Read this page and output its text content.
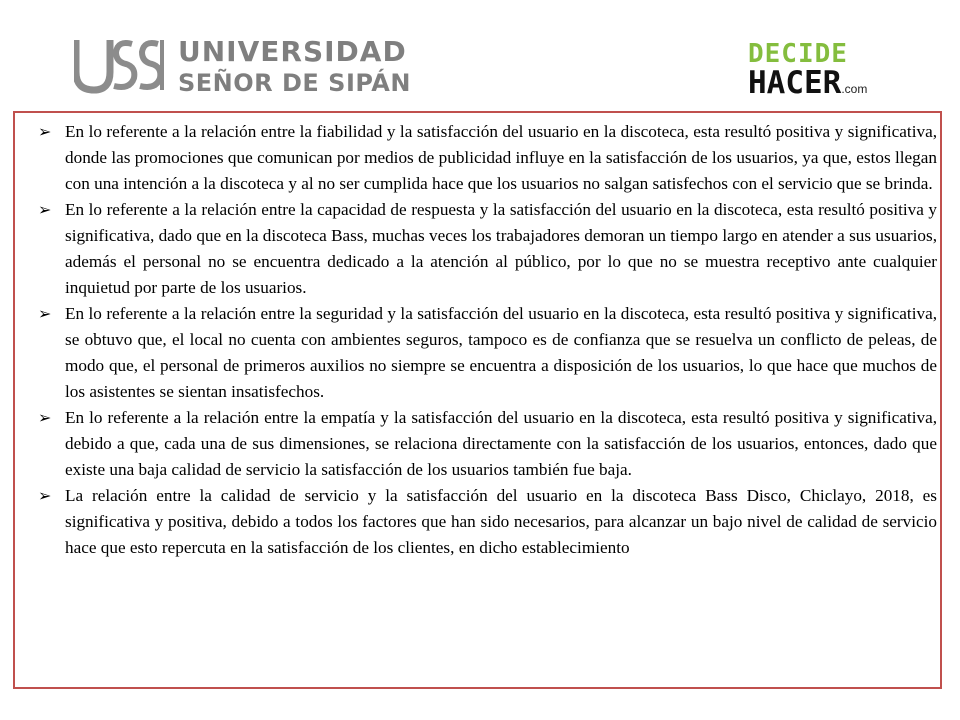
UNIVERSIDAD
SEÑOR DE SIPÁN
DECIDE
HACER.com
➢ En lo referente a la relación entre la fiabilidad y la satisfacción del usuario en la discoteca, esta resultó positiva y significativa, donde las promociones que comunican por medios de publicidad influye en la satisfacción de los usuarios, ya que, estos llegan con una intención a la discoteca y al no ser cumplida hace que los usuarios no salgan satisfechos con el servicio que se brinda.

➢ En lo referente a la relación entre la capacidad de respuesta y la satisfacción del usuario en la discoteca, esta resultó positiva y significativa, dado que en la discoteca Bass, muchas veces los trabajadores demoran un tiempo largo en atender a sus usuarios, además el personal no se encuentra dedicado a la atención al público, por lo que no se muestra receptivo ante cualquier inquietud por parte de los usuarios.

➢ En lo referente a la relación entre la seguridad y la satisfacción del usuario en la discoteca, esta resultó positiva y significativa, se obtuvo que, el local no cuenta con ambientes seguros, tampoco es de confianza que se resuelva un conflicto de peleas, de modo que, el personal de primeros auxilios no siempre se encuentra a disposición de los usuarios, lo que hace que muchos de los asistentes se sientan insatisfechos.

➢ En lo referente a la relación entre la empatía y la satisfacción del usuario en la discoteca, esta resultó positiva y significativa, debido a que, cada una de sus dimensiones, se relaciona directamente con la satisfacción de los usuarios, entonces, dado que existe una baja calidad de servicio la satisfacción de los usuarios también fue baja.

➢ La relación entre la calidad de servicio y la satisfacción del usuario en la discoteca Bass Disco, Chiclayo, 2018, es significativa y positiva, debido a todos los factores que han sido necesarios, para alcanzar un bajo nivel de calidad de servicio hace que esto repercuta en la satisfacción de los clientes, en dicho establecimiento
